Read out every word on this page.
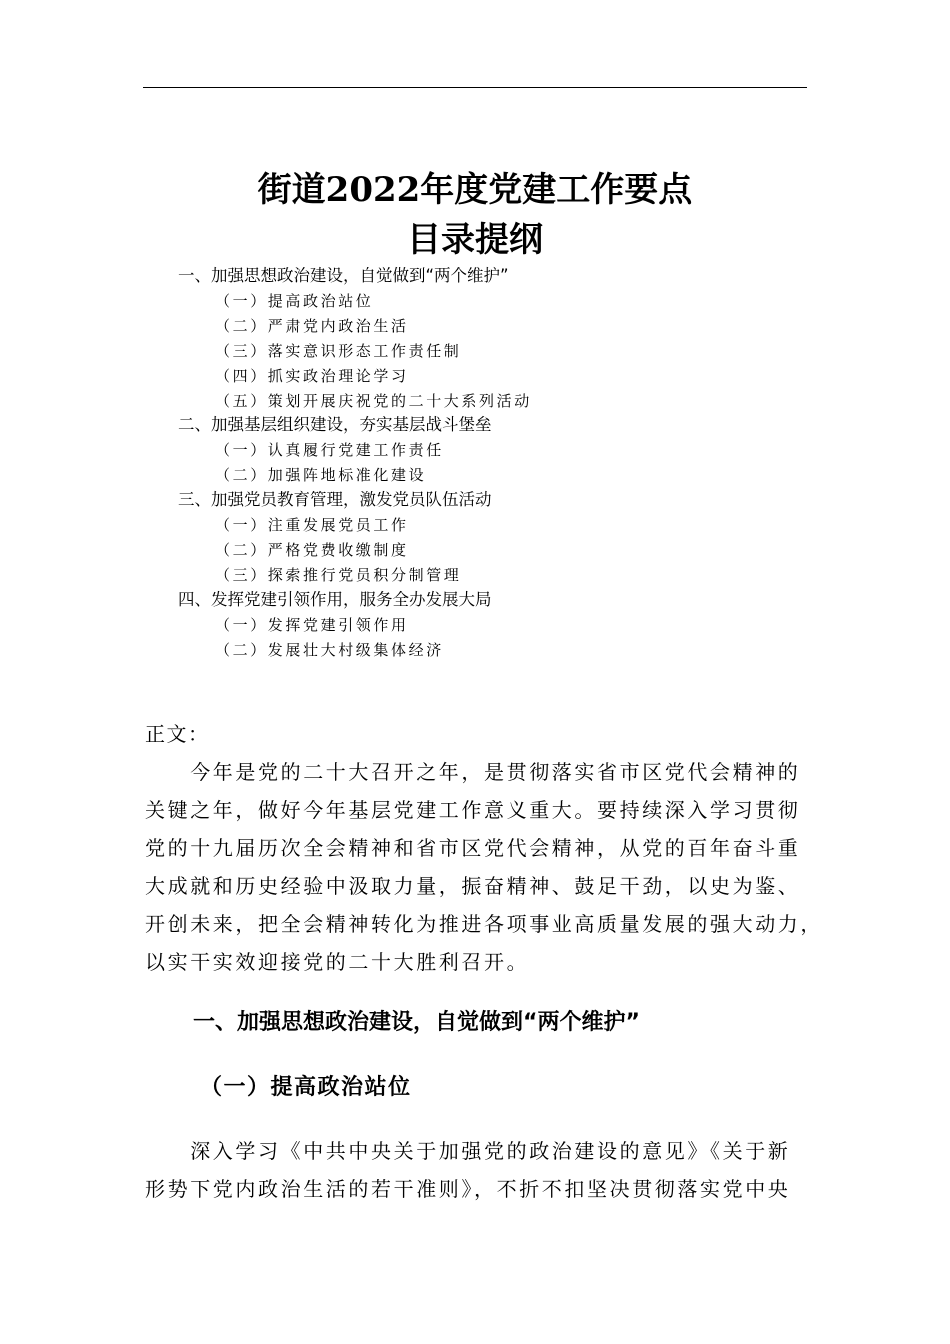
街道2022年度党建工作要点
目录提纲
一、加强思想政治建设，自觉做到“两个维护”
（一）提高政治站位
（二）严肃党内政治生活
（三）落实意识形态工作责任制
（四）抓实政治理论学习
（五）策划开展庆祝党的二十大系列活动
二、加强基层组织建设，夯实基层战斗堡垒
（一）认真履行党建工作责任
（二）加强阵地标准化建设
三、加强党员教育管理，激发党员队伍活动
（一）注重发展党员工作
（二）严格党费收缴制度
（三）探索推行党员积分制管理
四、发挥党建引领作用，服务全办发展大局
（一）发挥党建引领作用
（二）发展壮大村级集体经济
正文：
　　今年是党的二十大召开之年，是贯彻落实省市区党代会精神的
关键之年，做好今年基层党建工作意义重大。要持续深入学习贯彻
党的十九届历次全会精神和省市区党代会精神，从党的百年奋斗重
大成就和历史经验中汲取力量，振奋精神、鼓足干劲，以史为鉴、
开创未来，把全会精神转化为推进各项事业高质量发展的强大动力，
以实干实效迎接党的二十大胜利召开。
一、加强思想政治建设，自觉做到“两个维护”
（一）提高政治站位
　　深入学习《中共中央关于加强党的政治建设的意见》《关于新
形势下党内政治生活的若干准则》，不折不扣坚决贯彻落实党中央
